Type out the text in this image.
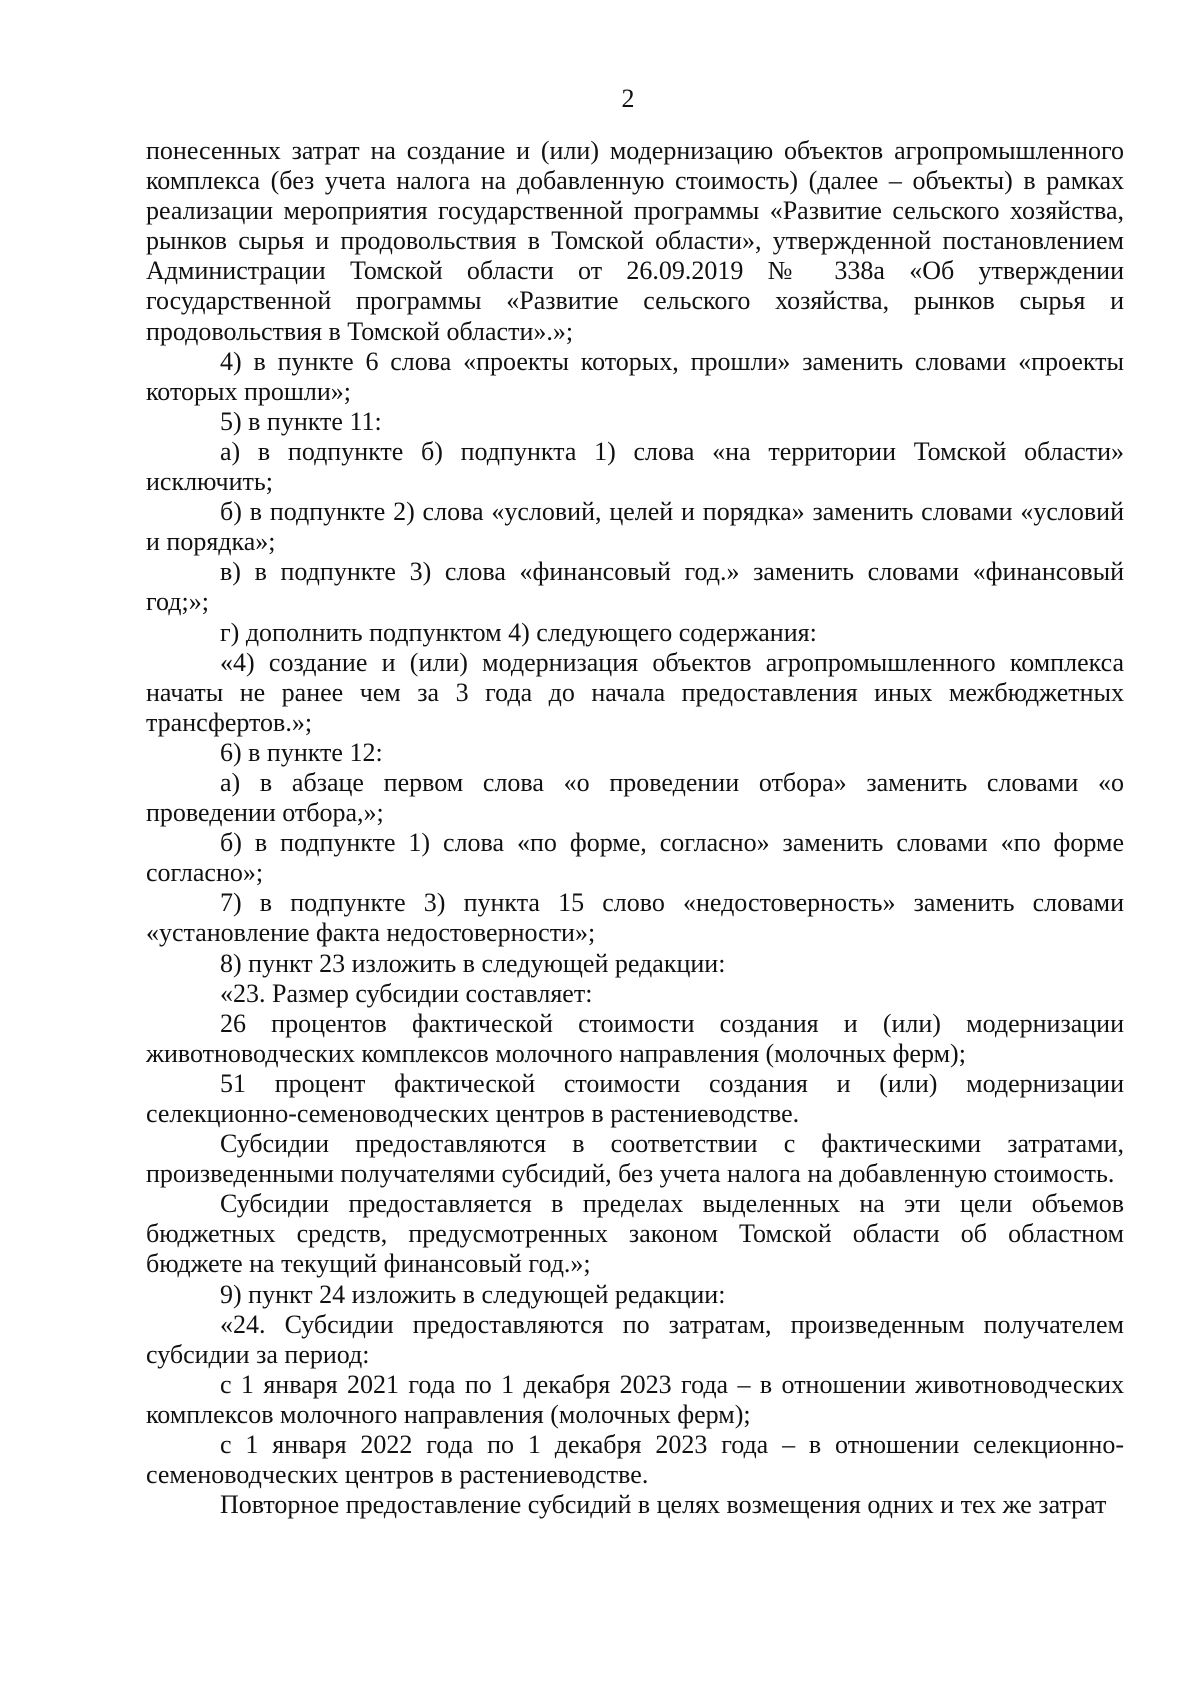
2

понесенных затрат на создание и (или) модернизацию объектов агропромышленного комплекса (без учета налога на добавленную стоимость) (далее – объекты) в рамках реализации мероприятия государственной программы «Развитие сельского хозяйства, рынков сырья и продовольствия в Томской области», утвержденной постановлением Администрации Томской области от 26.09.2019 № 338а «Об утверждении государственной программы «Развитие сельского хозяйства, рынков сырья и продовольствия в Томской области».»;

4) в пункте 6 слова «проекты которых, прошли» заменить словами «проекты которых прошли»;

5) в пункте 11:

а) в подпункте б) подпункта 1) слова «на территории Томской области» исключить;

б) в подпункте 2) слова «условий, целей и порядка» заменить словами «условий и порядка»;

в) в подпункте 3) слова «финансовый год.» заменить словами «финансовый год;»;

г) дополнить подпунктом 4) следующего содержания:

«4) создание и (или) модернизация объектов агропромышленного комплекса начаты не ранее чем за 3 года до начала предоставления иных межбюджетных трансфертов.»;

6) в пункте 12:

а) в абзаце первом слова «о проведении отбора» заменить словами «о проведении отбора,»;

б) в подпункте 1) слова «по форме, согласно» заменить словами «по форме согласно»;

7) в подпункте 3) пункта 15 слово «недостоверность» заменить словами «установление факта недостоверности»;

8) пункт 23 изложить в следующей редакции:

«23. Размер субсидии составляет:

26 процентов фактической стоимости создания и (или) модернизации животноводческих комплексов молочного направления (молочных ферм);

51 процент фактической стоимости создания и (или) модернизации селекционно-семеноводческих центров в растениеводстве.

Субсидии предоставляются в соответствии с фактическими затратами, произведенными получателями субсидий, без учета налога на добавленную стоимость.

Субсидии предоставляется в пределах выделенных на эти цели объемов бюджетных средств, предусмотренных законом Томской области об областном бюджете на текущий финансовый год.»;

9) пункт 24 изложить в следующей редакции:

«24. Субсидии предоставляются по затратам, произведенным получателем субсидии за период:

с 1 января 2021 года по 1 декабря 2023 года – в отношении животноводческих комплексов молочного направления (молочных ферм);

с 1 января 2022 года по 1 декабря 2023 года – в отношении селекционно-семеноводческих центров в растениеводстве.

Повторное предоставление субсидий в целях возмещения одних и тех же затрат
